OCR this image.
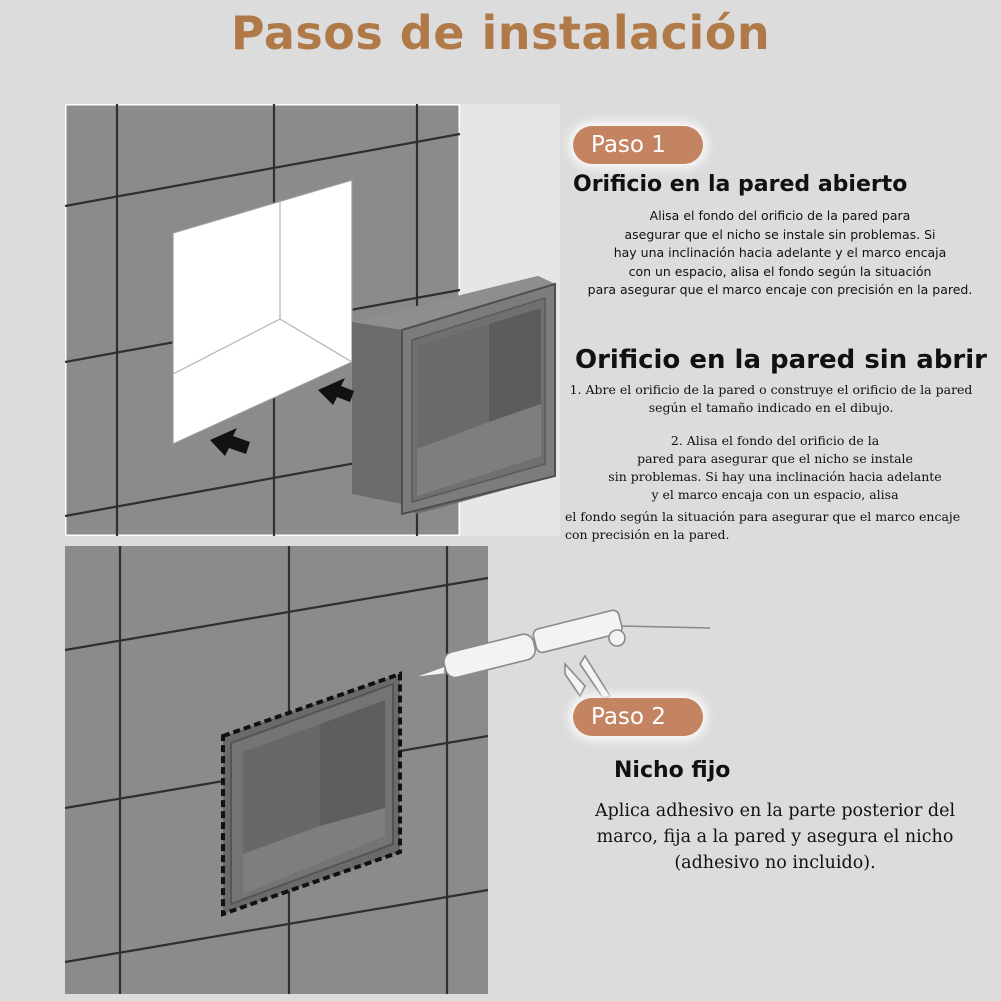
Pasos de instalación
Paso 1
Orificio en la pared abierto

Alisa el fondo del orificio de la pared para
asegurar que el nicho se instale sin problemas. Si
hay una inclinación hacia adelante y el marco encaja
con un espacio, alisa el fondo según la situación
para asegurar que el marco encaje con precisión en la pared.

Orificio en la pared sin abrir

1. Abre el orificio de la pared o construye el orificio de la pared
según el tamaño indicado en el dibujo.

2. Alisa el fondo del orificio de la
pared para asegurar que el nicho se instale
sin problemas. Si hay una inclinación hacia adelante
y el marco encaja con un espacio, alisa

el fondo según la situación para asegurar que el marco encaje
con precisión en la pared.

Paso 2
Nicho fijo

Aplica adhesivo en la parte posterior del
marco, fija a la pared y asegura el nicho
(adhesivo no incluido).
